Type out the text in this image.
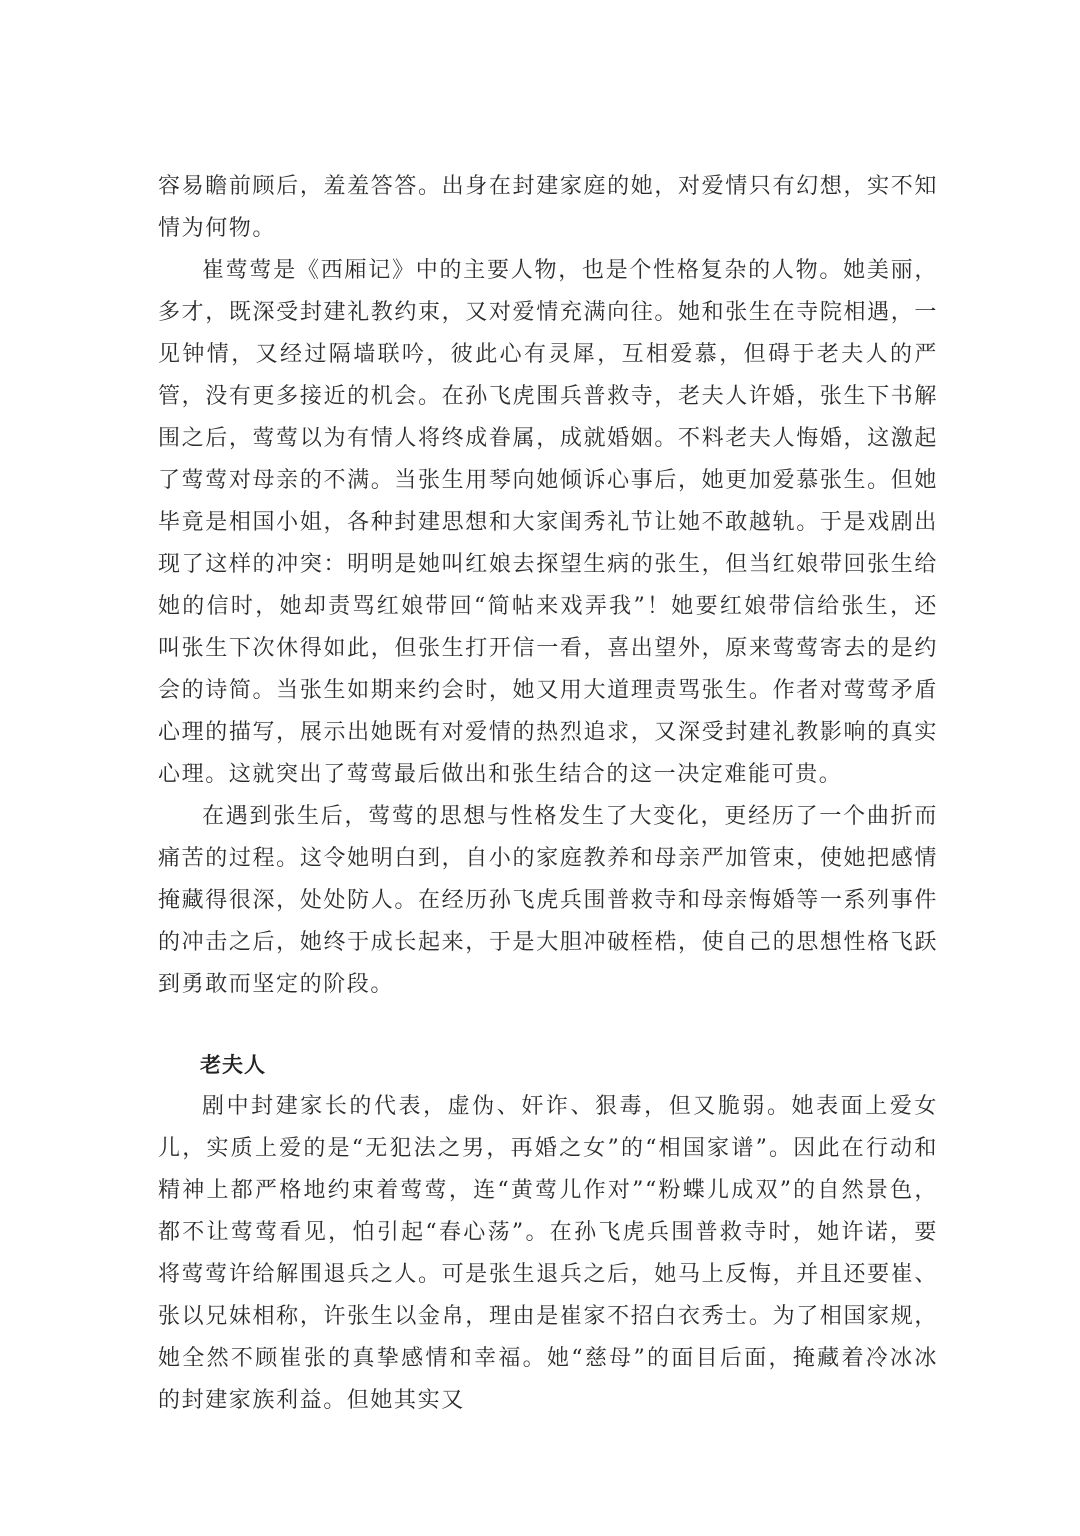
容易瞻前顾后，羞羞答答。出身在封建家庭的她，对爱情只有幻想，实不知情为何物。

崔莺莺是《西厢记》中的主要人物，也是个性格复杂的人物。她美丽，多才，既深受封建礼教约束，又对爱情充满向往。她和张生在寺院相遇，一见钟情，又经过隔墙联吟，彼此心有灵犀，互相爱慕，但碍于老夫人的严管，没有更多接近的机会。在孙飞虎围兵普救寺，老夫人许婚，张生下书解围之后，莺莺以为有情人将终成眷属，成就婚姻。不料老夫人悔婚，这激起了莺莺对母亲的不满。当张生用琴向她倾诉心事后，她更加爱慕张生。但她毕竟是相国小姐，各种封建思想和大家闺秀礼节让她不敢越轨。于是戏剧出现了这样的冲突：明明是她叫红娘去探望生病的张生，但当红娘带回张生给她的信时，她却责骂红娘带回“简帖来戏弄我”！她要红娘带信给张生，还叫张生下次休得如此，但张生打开信一看，喜出望外，原来莺莺寄去的是约会的诗简。当张生如期来约会时，她又用大道理责骂张生。作者对莺莺矛盾心理的描写，展示出她既有对爱情的热烈追求，又深受封建礼教影响的真实心理。这就突出了莺莺最后做出和张生结合的这一决定难能可贵。

在遇到张生后，莺莺的思想与性格发生了大变化，更经历了一个曲折而痛苦的过程。这令她明白到，自小的家庭教养和母亲严加管束，使她把感情掩藏得很深，处处防人。在经历孙飞虎兵围普救寺和母亲悔婚等一系列事件的冲击之后，她终于成长起来，于是大胆冲破桎梏，使自己的思想性格飞跃到勇敢而坚定的阶段。

老夫人

剧中封建家长的代表，虚伪、奸诈、狠毒，但又脆弱。她表面上爱女儿，实质上爱的是“无犯法之男，再婚之女”的“相国家谱”。因此在行动和精神上都严格地约束着莺莺，连“黄莺儿作对”“粉蝶儿成双”的自然景色，都不让莺莺看见，怕引起“春心荡”。在孙飞虎兵围普救寺时，她许诺，要将莺莺许给解围退兵之人。可是张生退兵之后，她马上反悔，并且还要崔、张以兄妹相称，许张生以金帛，理由是崔家不招白衣秀士。为了相国家规，她全然不顾崔张的真挚感情和幸福。她“慈母”的面目后面，掩藏着冷冰冰的封建家族利益。但她其实又
